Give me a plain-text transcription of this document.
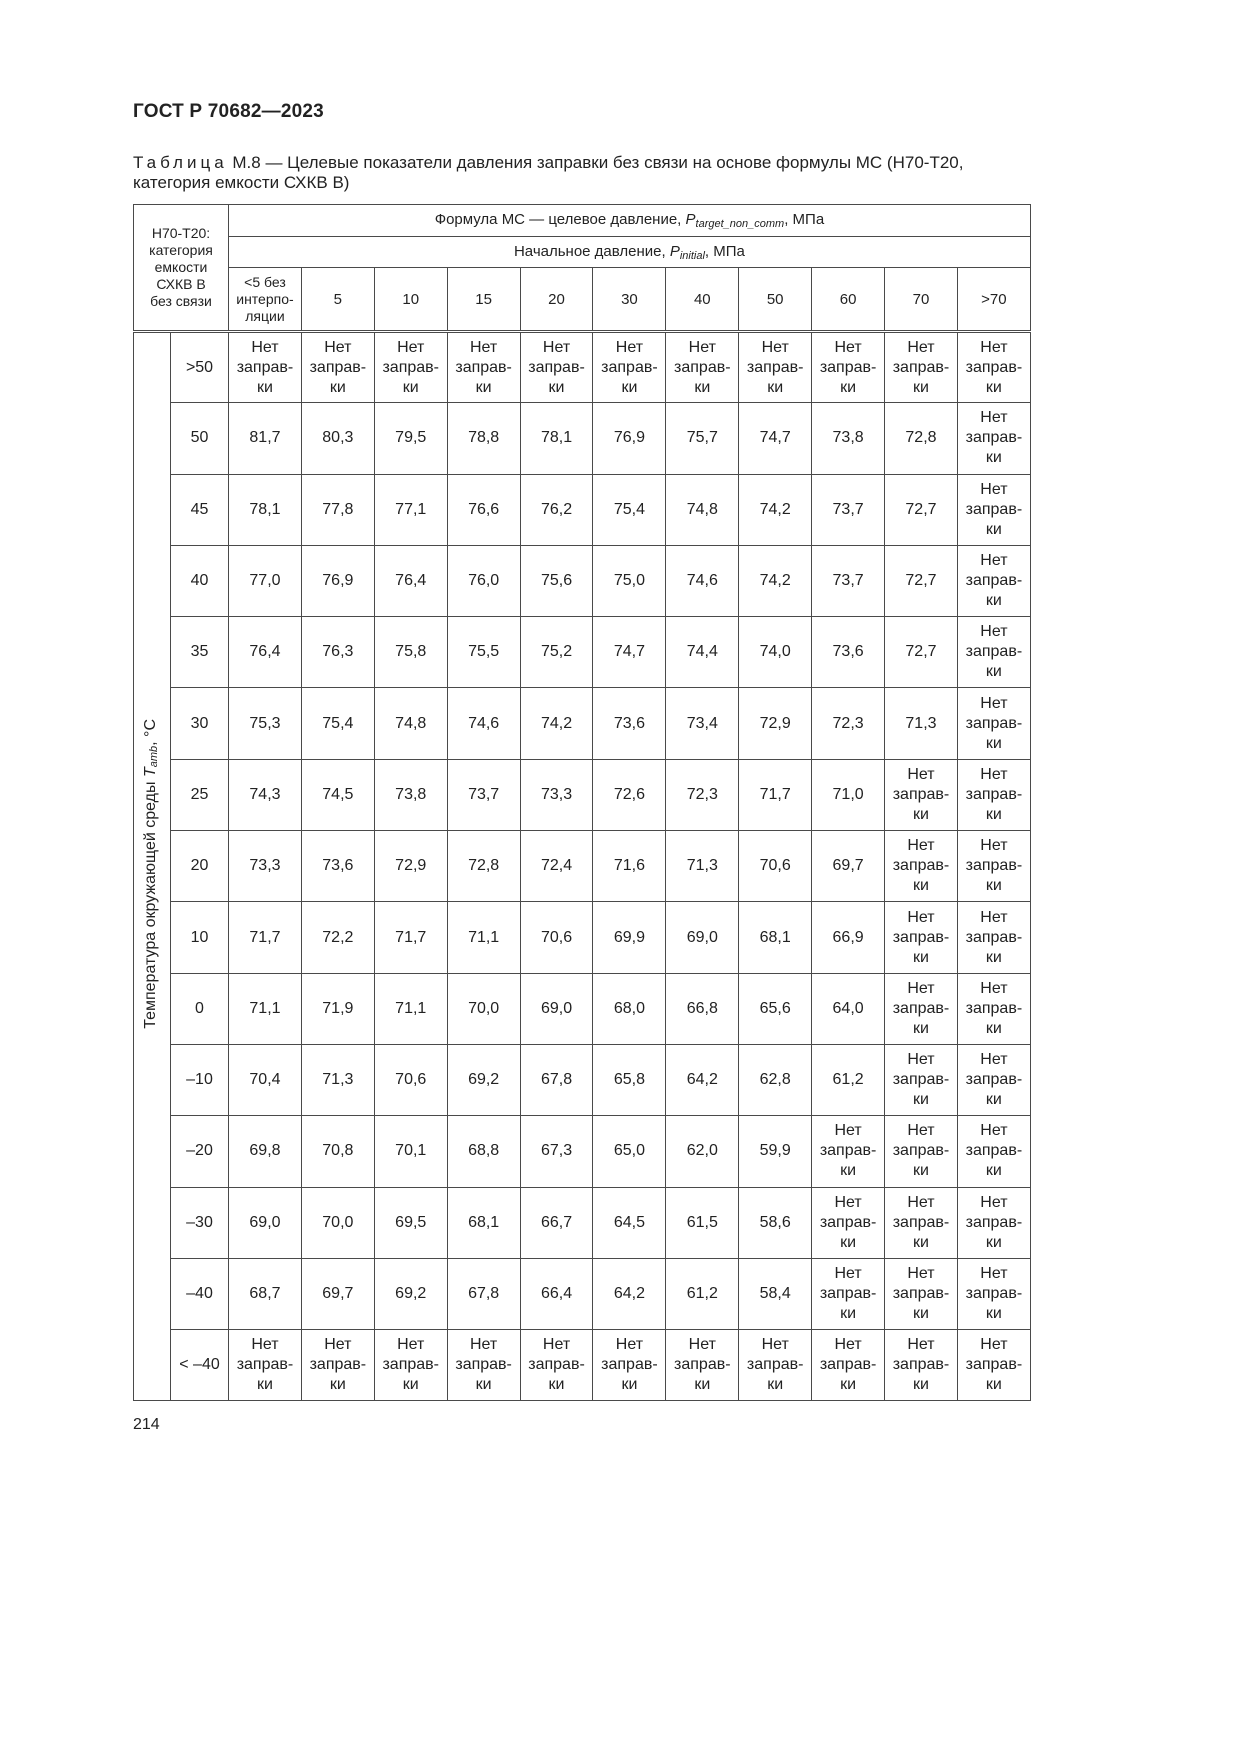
ГОСТ Р 70682—2023
Таблица М.8 — Целевые показатели давления заправки без связи на основе формулы МС (Н70-Т20, категория емкости СХКВ В)
Н70-Т20:
категория
емкости
СХКВ В
без связи		Формула МС — целевое давление, $P_{target\_non\_comm}$, МПа										
		Начальное давление, $P_{initial}$, МПа										
		<5 без
интерпо-
ляции	5	10	15	20	30	40	50	60	70	>70

Температура окружающей среды $T_{amb}$, °C	>50	Нет
заправ-
ки	Нет
заправ-
ки	Нет
заправ-
ки	Нет
заправ-
ки	Нет
заправ-
ки	Нет
заправ-
ки	Нет
заправ-
ки	Нет
заправ-
ки	Нет
заправ-
ки	Нет
заправ-
ки	Нет
заправ-
ки
	50	81,7	80,3	79,5	78,8	78,1	76,9	75,7	74,7	73,8	72,8	Нет
заправ-
ки
	45	78,1	77,8	77,1	76,6	76,2	75,4	74,8	74,2	73,7	72,7	Нет
заправ-
ки
	40	77,0	76,9	76,4	76,0	75,6	75,0	74,6	74,2	73,7	72,7	Нет
заправ-
ки
	35	76,4	76,3	75,8	75,5	75,2	74,7	74,4	74,0	73,6	72,7	Нет
заправ-
ки
	30	75,3	75,4	74,8	74,6	74,2	73,6	73,4	72,9	72,3	71,3	Нет
заправ-
ки
	25	74,3	74,5	73,8	73,7	73,3	72,6	72,3	71,7	71,0	Нет
заправ-
ки	Нет
заправ-
ки
	20	73,3	73,6	72,9	72,8	72,4	71,6	71,3	70,6	69,7	Нет
заправ-
ки	Нет
заправ-
ки
	10	71,7	72,2	71,7	71,1	70,6	69,9	69,0	68,1	66,9	Нет
заправ-
ки	Нет
заправ-
ки
	0	71,1	71,9	71,1	70,0	69,0	68,0	66,8	65,6	64,0	Нет
заправ-
ки	Нет
заправ-
ки
	–10	70,4	71,3	70,6	69,2	67,8	65,8	64,2	62,8	61,2	Нет
заправ-
ки	Нет
заправ-
ки
	–20	69,8	70,8	70,1	68,8	67,3	65,0	62,0	59,9	Нет
заправ-
ки	Нет
заправ-
ки	Нет
заправ-
ки
	–30	69,0	70,0	69,5	68,1	66,7	64,5	61,5	58,6	Нет
заправ-
ки	Нет
заправ-
ки	Нет
заправ-
ки
	–40	68,7	69,7	69,2	67,8	66,4	64,2	61,2	58,4	Нет
заправ-
ки	Нет
заправ-
ки	Нет
заправ-
ки
	< –40	Нет
заправ-
ки	Нет
заправ-
ки	Нет
заправ-
ки	Нет
заправ-
ки	Нет
заправ-
ки	Нет
заправ-
ки	Нет
заправ-
ки	Нет
заправ-
ки	Нет
заправ-
ки	Нет
заправ-
ки	Нет
заправ-
ки
214
